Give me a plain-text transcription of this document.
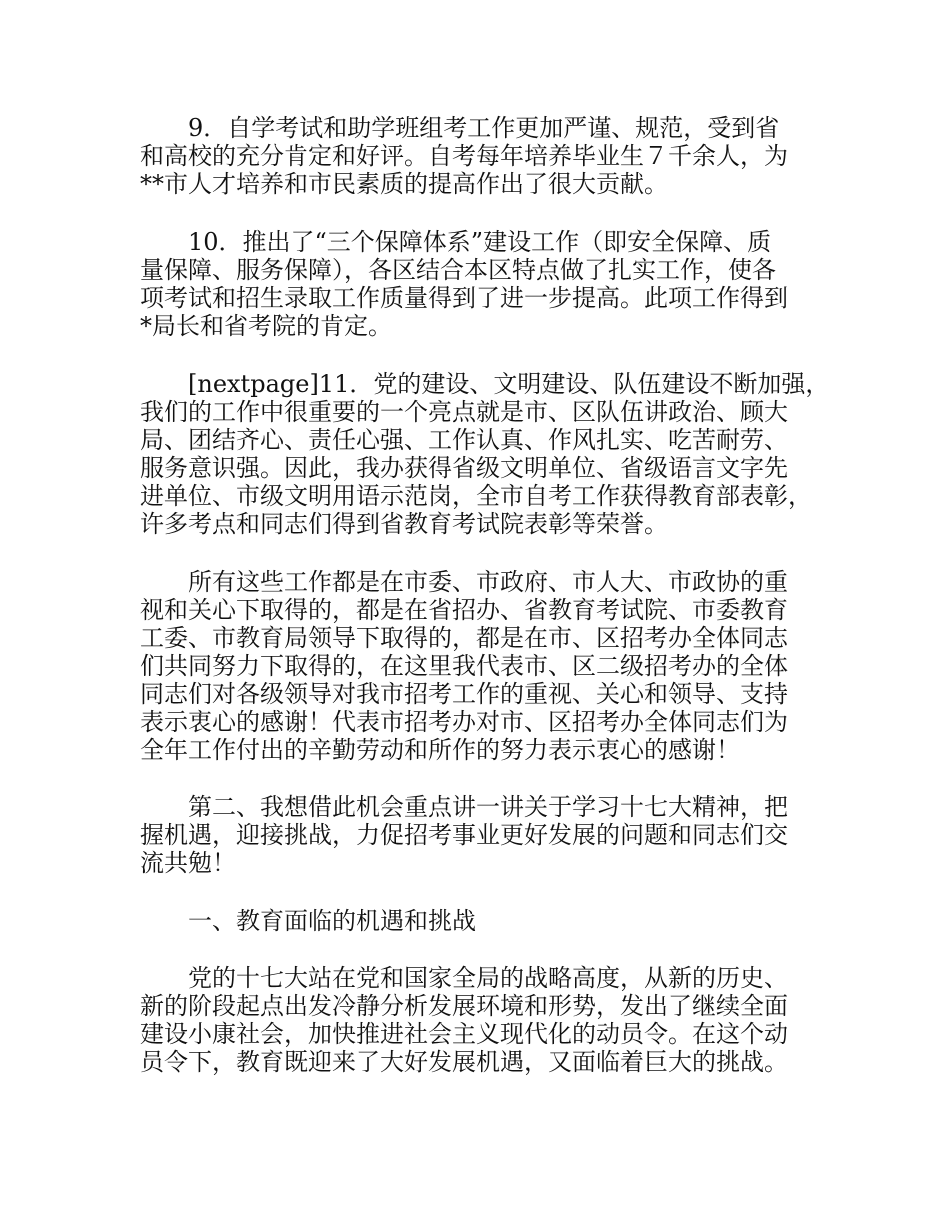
9．自学考试和助学班组考工作更加严谨、规范，受到省
和高校的充分肯定和好评。自考每年培养毕业生７千余人，为
**市人才培养和市民素质的提高作出了很大贡献。
10．推出了“三个保障体系”建设工作（即安全保障、质
量保障、服务保障），各区结合本区特点做了扎实工作，使各
项考试和招生录取工作质量得到了进一步提高。此项工作得到
*局长和省考院的肯定。
[nextpage]11．党的建设、文明建设、队伍建设不断加强，
我们的工作中很重要的一个亮点就是市、区队伍讲政治、顾大
局、团结齐心、责任心强、工作认真、作风扎实、吃苦耐劳、
服务意识强。因此，我办获得省级文明单位、省级语言文字先
进单位、市级文明用语示范岗，全市自考工作获得教育部表彰，
许多考点和同志们得到省教育考试院表彰等荣誉。
所有这些工作都是在市委、市政府、市人大、市政协的重
视和关心下取得的，都是在省招办、省教育考试院、市委教育
工委、市教育局领导下取得的，都是在市、区招考办全体同志
们共同努力下取得的，在这里我代表市、区二级招考办的全体
同志们对各级领导对我市招考工作的重视、关心和领导、支持
表示衷心的感谢！代表市招考办对市、区招考办全体同志们为
全年工作付出的辛勤劳动和所作的努力表示衷心的感谢！
第二、我想借此机会重点讲一讲关于学习十七大精神，把
握机遇，迎接挑战，力促招考事业更好发展的问题和同志们交
流共勉！
一、教育面临的机遇和挑战
党的十七大站在党和国家全局的战略高度，从新的历史、
新的阶段起点出发冷静分析发展环境和形势，发出了继续全面
建设小康社会，加快推进社会主义现代化的动员令。在这个动
员令下，教育既迎来了大好发展机遇，又面临着巨大的挑战。
